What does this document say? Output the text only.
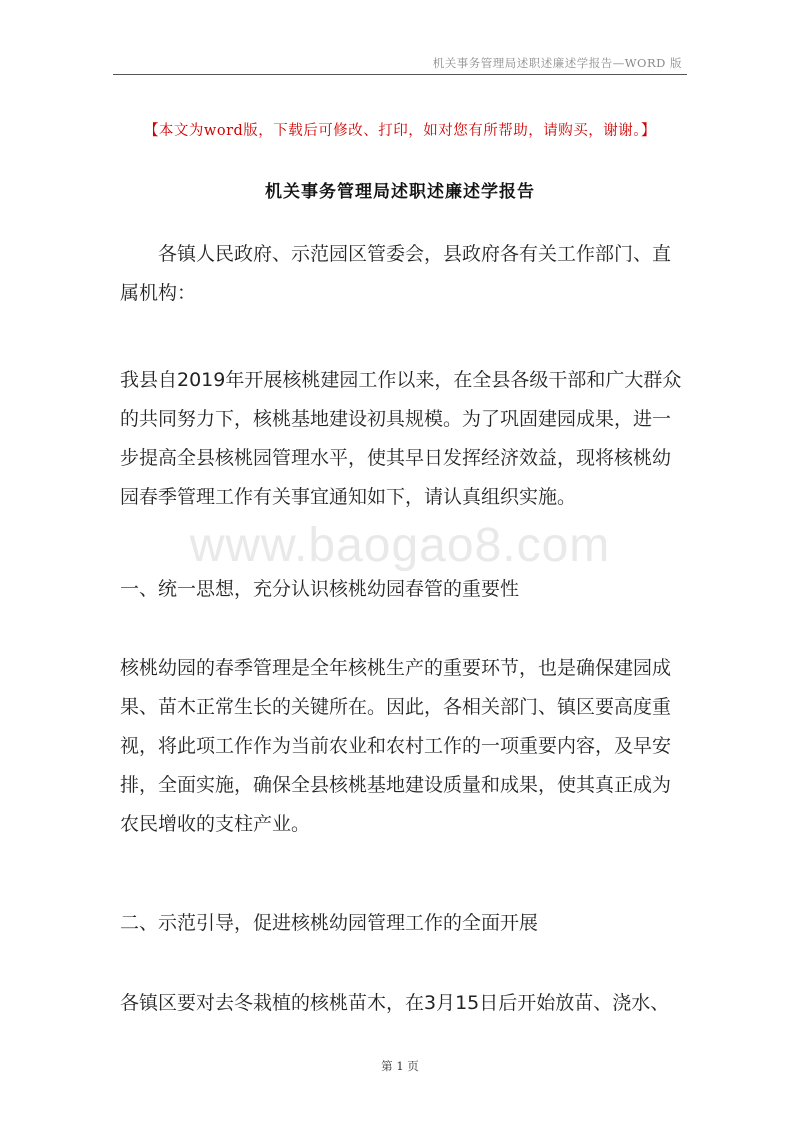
机关事务管理局述职述廉述学报告—WORD 版
【本文为word版，下载后可修改、打印，如对您有所帮助，请购买，谢谢。】
机关事务管理局述职述廉述学报告
各镇人民政府、示范园区管委会，县政府各有关工作部门、直属机构：
我县自2019年开展核桃建园工作以来，在全县各级干部和广大群众的共同努力下，核桃基地建设初具规模。为了巩固建园成果，进一步提高全县核桃园管理水平，使其早日发挥经济效益，现将核桃幼园春季管理工作有关事宜通知如下，请认真组织实施。
www.baogao8.com
一、统一思想，充分认识核桃幼园春管的重要性
核桃幼园的春季管理是全年核桃生产的重要环节，也是确保建园成果、苗木正常生长的关键所在。因此，各相关部门、镇区要高度重视，将此项工作作为当前农业和农村工作的一项重要内容，及早安排，全面实施，确保全县核桃基地建设质量和成果，使其真正成为农民增收的支柱产业。
二、示范引导，促进核桃幼园管理工作的全面开展
各镇区要对去冬栽植的核桃苗木，在3月15日后开始放苗、浇水、
第 1 页
